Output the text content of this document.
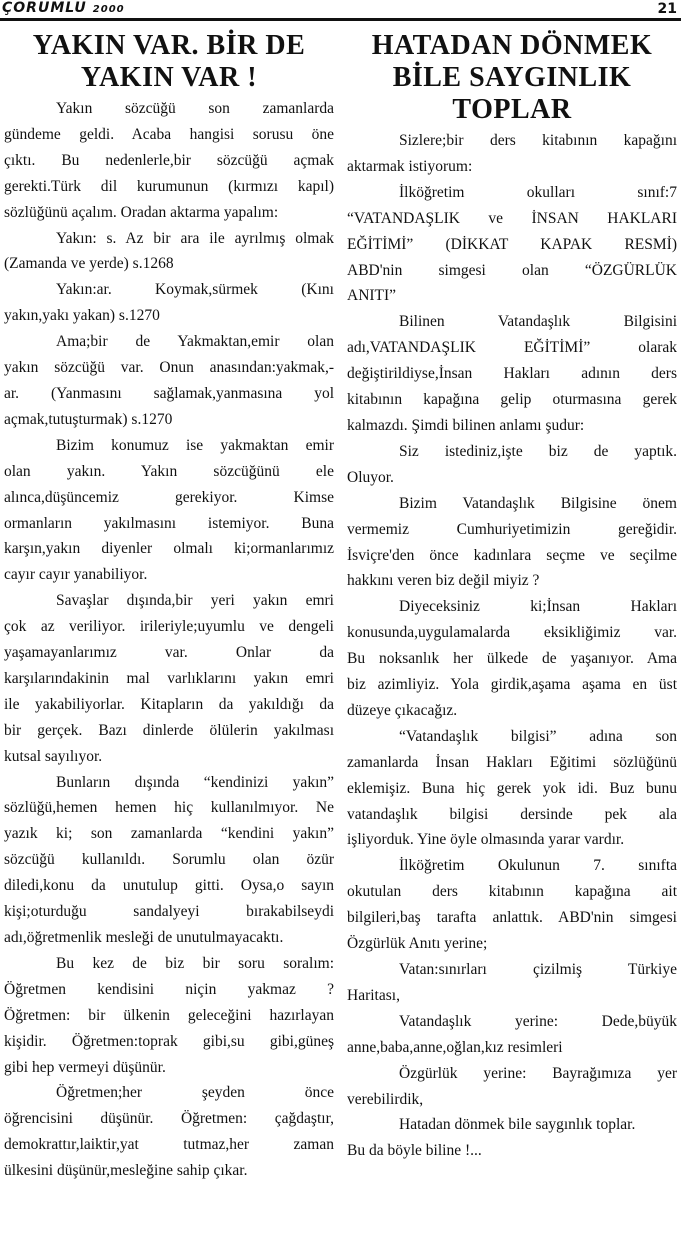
ÇORUMLU 2000	21
YAKIN VAR. BİR DE YAKIN VAR !

Yakın sözcüğü son zamanlarda

gündeme geldi. Acaba hangisi sorusu öne

çıktı. Bu nedenlerle,bir sözcüğü açmak

gerekti.Türk dil kurumunun (kırmızı kapıl)

sözlüğünü açalım. Oradan aktarma yapalım:

Yakın: s. Az bir ara ile ayrılmış olmak

(Zamanda ve yerde) s.1268

Yakın:ar. Koymak,sürmek (Kını

yakın,yakı yakan) s.1270

Ama;bir de Yakmaktan,emir olan

yakın sözcüğü var. Onun anasından:yakmak,-

ar. (Yanmasını sağlamak,yanmasına yol

açmak,tutuşturmak) s.1270

Bizim konumuz ise yakmaktan emir

olan yakın. Yakın sözcüğünü ele

alınca,düşüncemiz gerekiyor. Kimse

ormanların yakılmasını istemiyor. Buna

karşın,yakın diyenler olmalı ki;ormanlarımız

cayır cayır yanabiliyor.

Savaşlar dışında,bir yeri yakın emri

çok az veriliyor. irileriyle;uyumlu ve dengeli

yaşamayanlarımız var. Onlar da

karşılarındakinin mal varlıklarını yakın emri

ile yakabiliyorlar. Kitapların da yakıldığı da

bir gerçek. Bazı dinlerde ölülerin yakılması

kutsal sayılıyor.

Bunların dışında “kendinizi yakın”

sözlüğü,hemen hemen hiç kullanılmıyor. Ne

yazık ki; son zamanlarda “kendini yakın”

sözcüğü kullanıldı. Sorumlu olan özür

diledi,konu da unutulup gitti. Oysa,o sayın

kişi;oturduğu sandalyeyi bırakabilseydi

adı,öğretmenlik mesleği de unutulmayacaktı.

Bu kez de biz bir soru soralım:

Öğretmen kendisini niçin yakmaz ?

Öğretmen: bir ülkenin geleceğini hazırlayan

kişidir. Öğretmen:toprak gibi,su gibi,güneş

gibi hep vermeyi düşünür.

Öğretmen;her şeyden önce

öğrencisini düşünür. Öğretmen: çağdaştır,

demokrattır,laiktir,yat tutmaz,her zaman

ülkesini düşünür,mesleğine sahip çıkar.

HATADAN DÖNMEK BİLE SAYGINLIK TOPLAR

Sizlere;bir ders kitabının kapağını

aktarmak istiyorum:

İlköğretim okulları sınıf:7

“VATANDAŞLIK ve İNSAN HAKLARI

EĞİTİMİ” (DİKKAT KAPAK RESMİ)

ABD'nin simgesi olan “ÖZGÜRLÜK

ANITI”

Bilinen Vatandaşlık Bilgisini

adı,VATANDAŞLIK EĞİTİMİ” olarak

değiştirildiyse,İnsan Hakları adının ders

kitabının kapağına gelip oturmasına gerek

kalmazdı. Şimdi bilinen anlamı şudur:

Siz istediniz,işte biz de yaptık.

Oluyor.

Bizim Vatandaşlık Bilgisine önem

vermemiz Cumhuriyetimizin gereğidir.

İsviçre'den önce kadınlara seçme ve seçilme

hakkını veren biz değil miyiz ?

Diyeceksiniz ki;İnsan Hakları

konusunda,uygulamalarda eksikliğimiz var.

Bu noksanlık her ülkede de yaşanıyor. Ama

biz azimliyiz. Yola girdik,aşama aşama en üst

düzeye çıkacağız.

“Vatandaşlık bilgisi” adına son

zamanlarda İnsan Hakları Eğitimi sözlüğünü

eklemişiz. Buna hiç gerek yok idi. Buz bunu

vatandaşlık bilgisi dersinde pek ala

işliyorduk. Yine öyle olmasında yarar vardır.

İlköğretim Okulunun 7. sınıfta

okutulan ders kitabının kapağına ait

bilgileri,baş tarafta anlattık. ABD'nin simgesi

Özgürlük Anıtı yerine;

Vatan:sınırları çizilmiş Türkiye

Haritası,

Vatandaşlık yerine: Dede,büyük

anne,baba,anne,oğlan,kız resimleri

Özgürlük yerine: Bayrağımıza yer

verebilirdik,

Hatadan dönmek bile saygınlık toplar.

Bu da böyle biline !...
